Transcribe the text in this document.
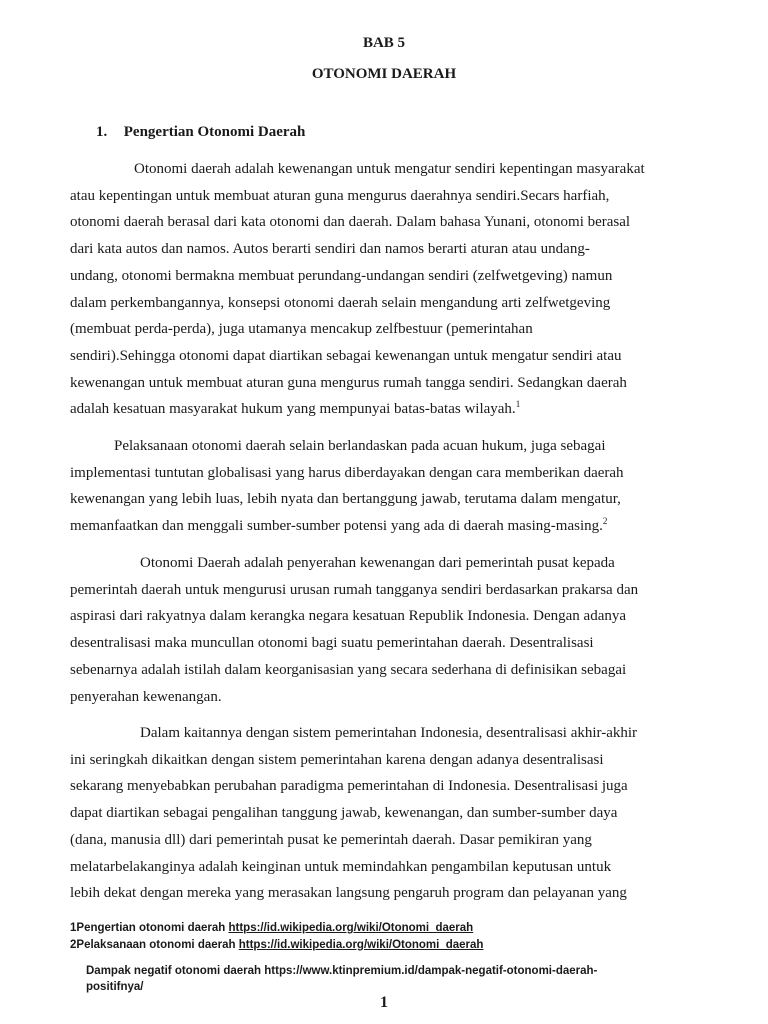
BAB 5
OTONOMI DAERAH
1. Pengertian Otonomi Daerah
Otonomi daerah adalah kewenangan untuk mengatur sendiri kepentingan masyarakat
atau kepentingan untuk membuat aturan guna mengurus daerahnya sendiri.Secars harfiah,
otonomi daerah berasal dari kata otonomi dan daerah. Dalam bahasa Yunani, otonomi berasal
dari kata autos dan namos. Autos berarti sendiri dan namos berarti aturan atau undang-
undang, otonomi bermakna membuat perundang-undangan sendiri (zelfwetgeving) namun
dalam perkembangannya, konsepsi otonomi daerah selain mengandung arti zelfwetgeving
(membuat perda-perda), juga utamanya mencakup zelfbestuur (pemerintahan
sendiri).Sehingga otonomi dapat diartikan sebagai kewenangan untuk mengatur sendiri atau
kewenangan untuk membuat aturan guna mengurus rumah tangga sendiri. Sedangkan daerah
adalah kesatuan masyarakat hukum yang mempunyai batas-batas wilayah.$^1$
Pelaksanaan otonomi daerah selain berlandaskan pada acuan hukum, juga sebagai
implementasi tuntutan globalisasi yang harus diberdayakan dengan cara memberikan daerah
kewenangan yang lebih luas, lebih nyata dan bertanggung jawab, terutama dalam mengatur,
memanfaatkan dan menggali sumber-sumber potensi yang ada di daerah masing-masing.$^2$
Otonomi Daerah adalah penyerahan kewenangan dari pemerintah pusat kepada
pemerintah daerah untuk mengurusi urusan rumah tangganya sendiri berdasarkan prakarsa dan
aspirasi dari rakyatnya dalam kerangka negara kesatuan Republik Indonesia. Dengan adanya
desentralisasi maka muncullan otonomi bagi suatu pemerintahan daerah. Desentralisasi
sebenarnya adalah istilah dalam keorganisasian yang secara sederhana di definisikan sebagai
penyerahan kewenangan.
Dalam kaitannya dengan sistem pemerintahan Indonesia, desentralisasi akhir-akhir
ini seringkah dikaitkan dengan sistem pemerintahan karena dengan adanya desentralisasi
sekarang menyebabkan perubahan paradigma pemerintahan di Indonesia. Desentralisasi juga
dapat diartikan sebagai pengalihan tanggung jawab, kewenangan, dan sumber-sumber daya
(dana, manusia dll) dari pemerintah pusat ke pemerintah daerah. Dasar pemikiran yang
melatarbelakanginya adalah keinginan untuk memindahkan pengambilan keputusan untuk
lebih dekat dengan mereka yang merasakan langsung pengaruh program dan pelayanan yang
1Pengertian otonomi daerah https://id.wikipedia.org/wiki/Otonomi_daerah
2Pelaksanaan otonomi daerah https://id.wikipedia.org/wiki/Otonomi_daerah
Dampak negatif otonomi daerah https://www.ktinpremium.id/dampak-negatif-otonomi-daerah-positifnya/
1
